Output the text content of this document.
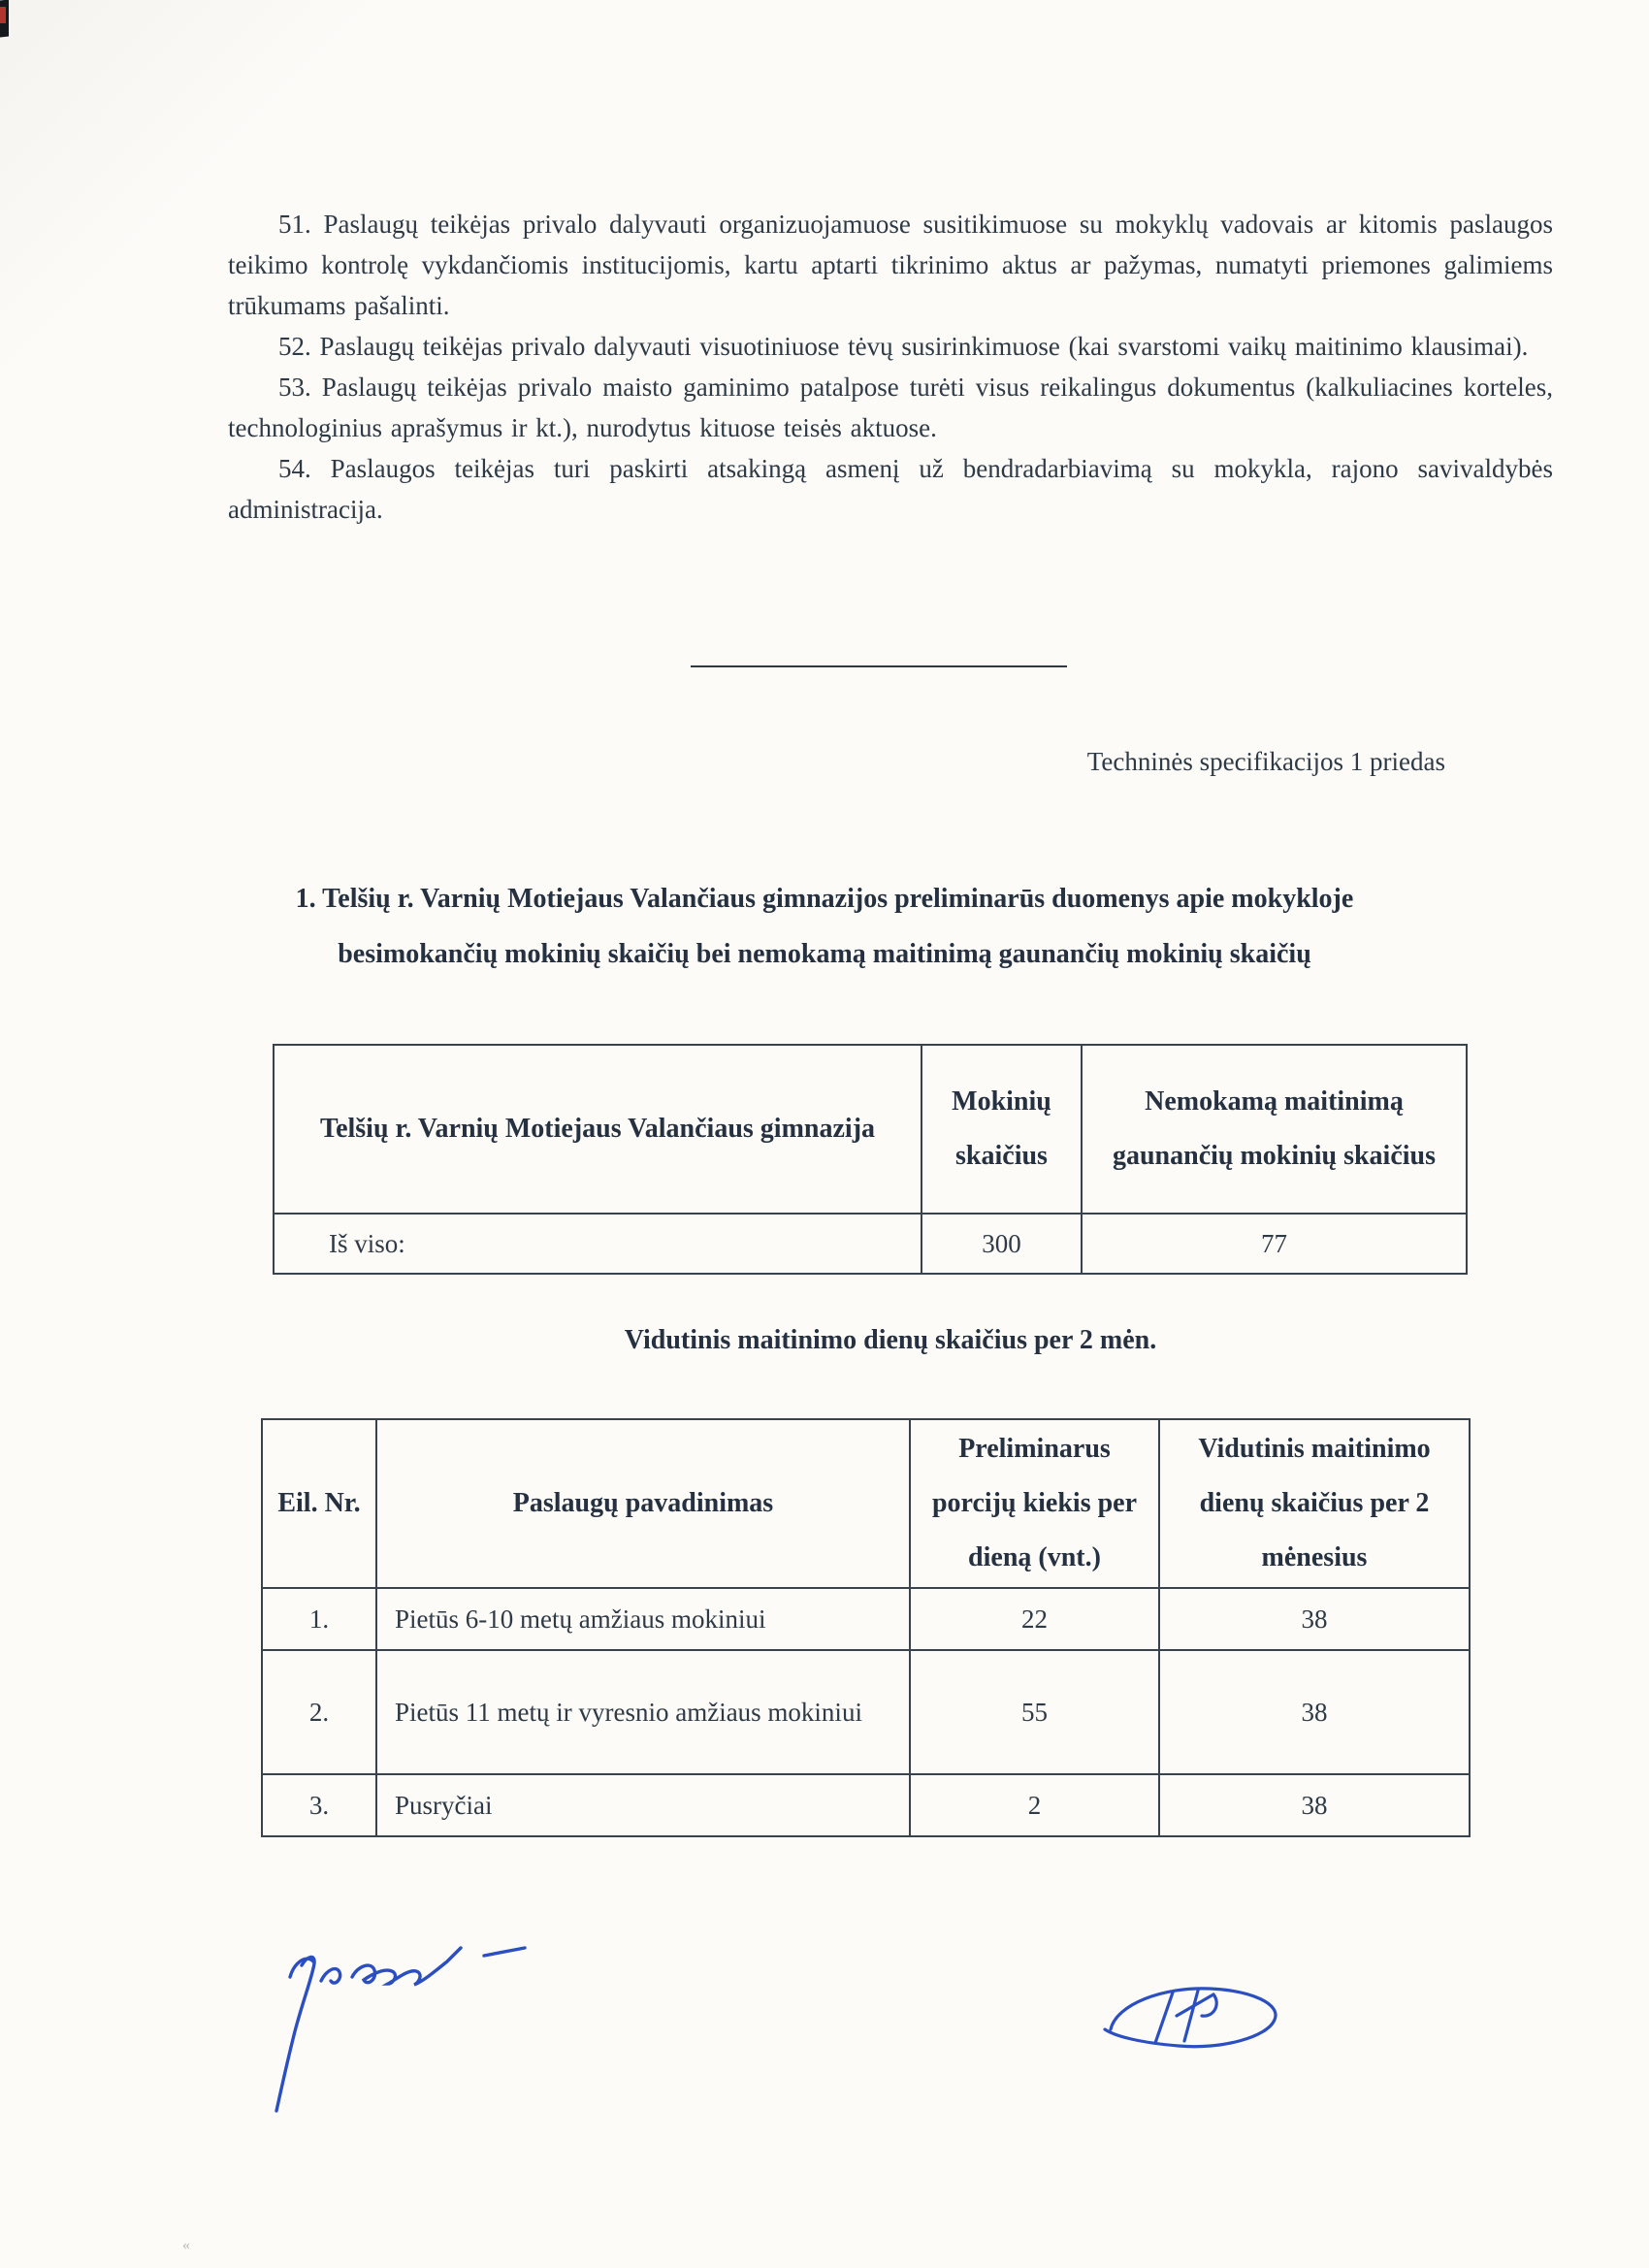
51. Paslaugų teikėjas privalo dalyvauti organizuojamuose susitikimuose su mokyklų vadovais ar kitomis paslaugos teikimo kontrolę vykdančiomis institucijomis, kartu aptarti tikrinimo aktus ar pažymas, numatyti priemones galimiems trūkumams pašalinti.

52. Paslaugų teikėjas privalo dalyvauti visuotiniuose tėvų susirinkimuose (kai svarstomi vaikų maitinimo klausimai).

53. Paslaugų teikėjas privalo maisto gaminimo patalpose turėti visus reikalingus dokumentus (kalkuliacines korteles, technologinius aprašymus ir kt.), nurodytus kituose teisės aktuose.

54. Paslaugos teikėjas turi paskirti atsakingą asmenį už bendradarbiavimą su mokykla, rajono savivaldybės administracija.

Techninės specifikacijos 1 priedas
1. Telšių r. Varnių Motiejaus Valančiaus gimnazijos preliminarūs duomenys apie mokykloje besimokančių mokinių skaičių bei nemokamą maitinimą gaunančių mokinių skaičių
Telšių r. Varnių Motiejaus Valančiaus gimnazija	Mokinių skaičius	Nemokamą maitinimą gaunančių mokinių skaičius
Iš viso:	300	77
Vidutinis maitinimo dienų skaičius per 2 mėn.
Eil. Nr.	Paslaugų pavadinimas	Preliminarus porcijų kiekis per dieną (vnt.)	Vidutinis maitinimo dienų skaičius per 2 mėnesius
1.	Pietūs 6-10 metų amžiaus mokiniui	22	38
2.	Pietūs 11 metų ir vyresnio amžiaus mokiniui	55	38
3.	Pusryčiai	2	38
«
